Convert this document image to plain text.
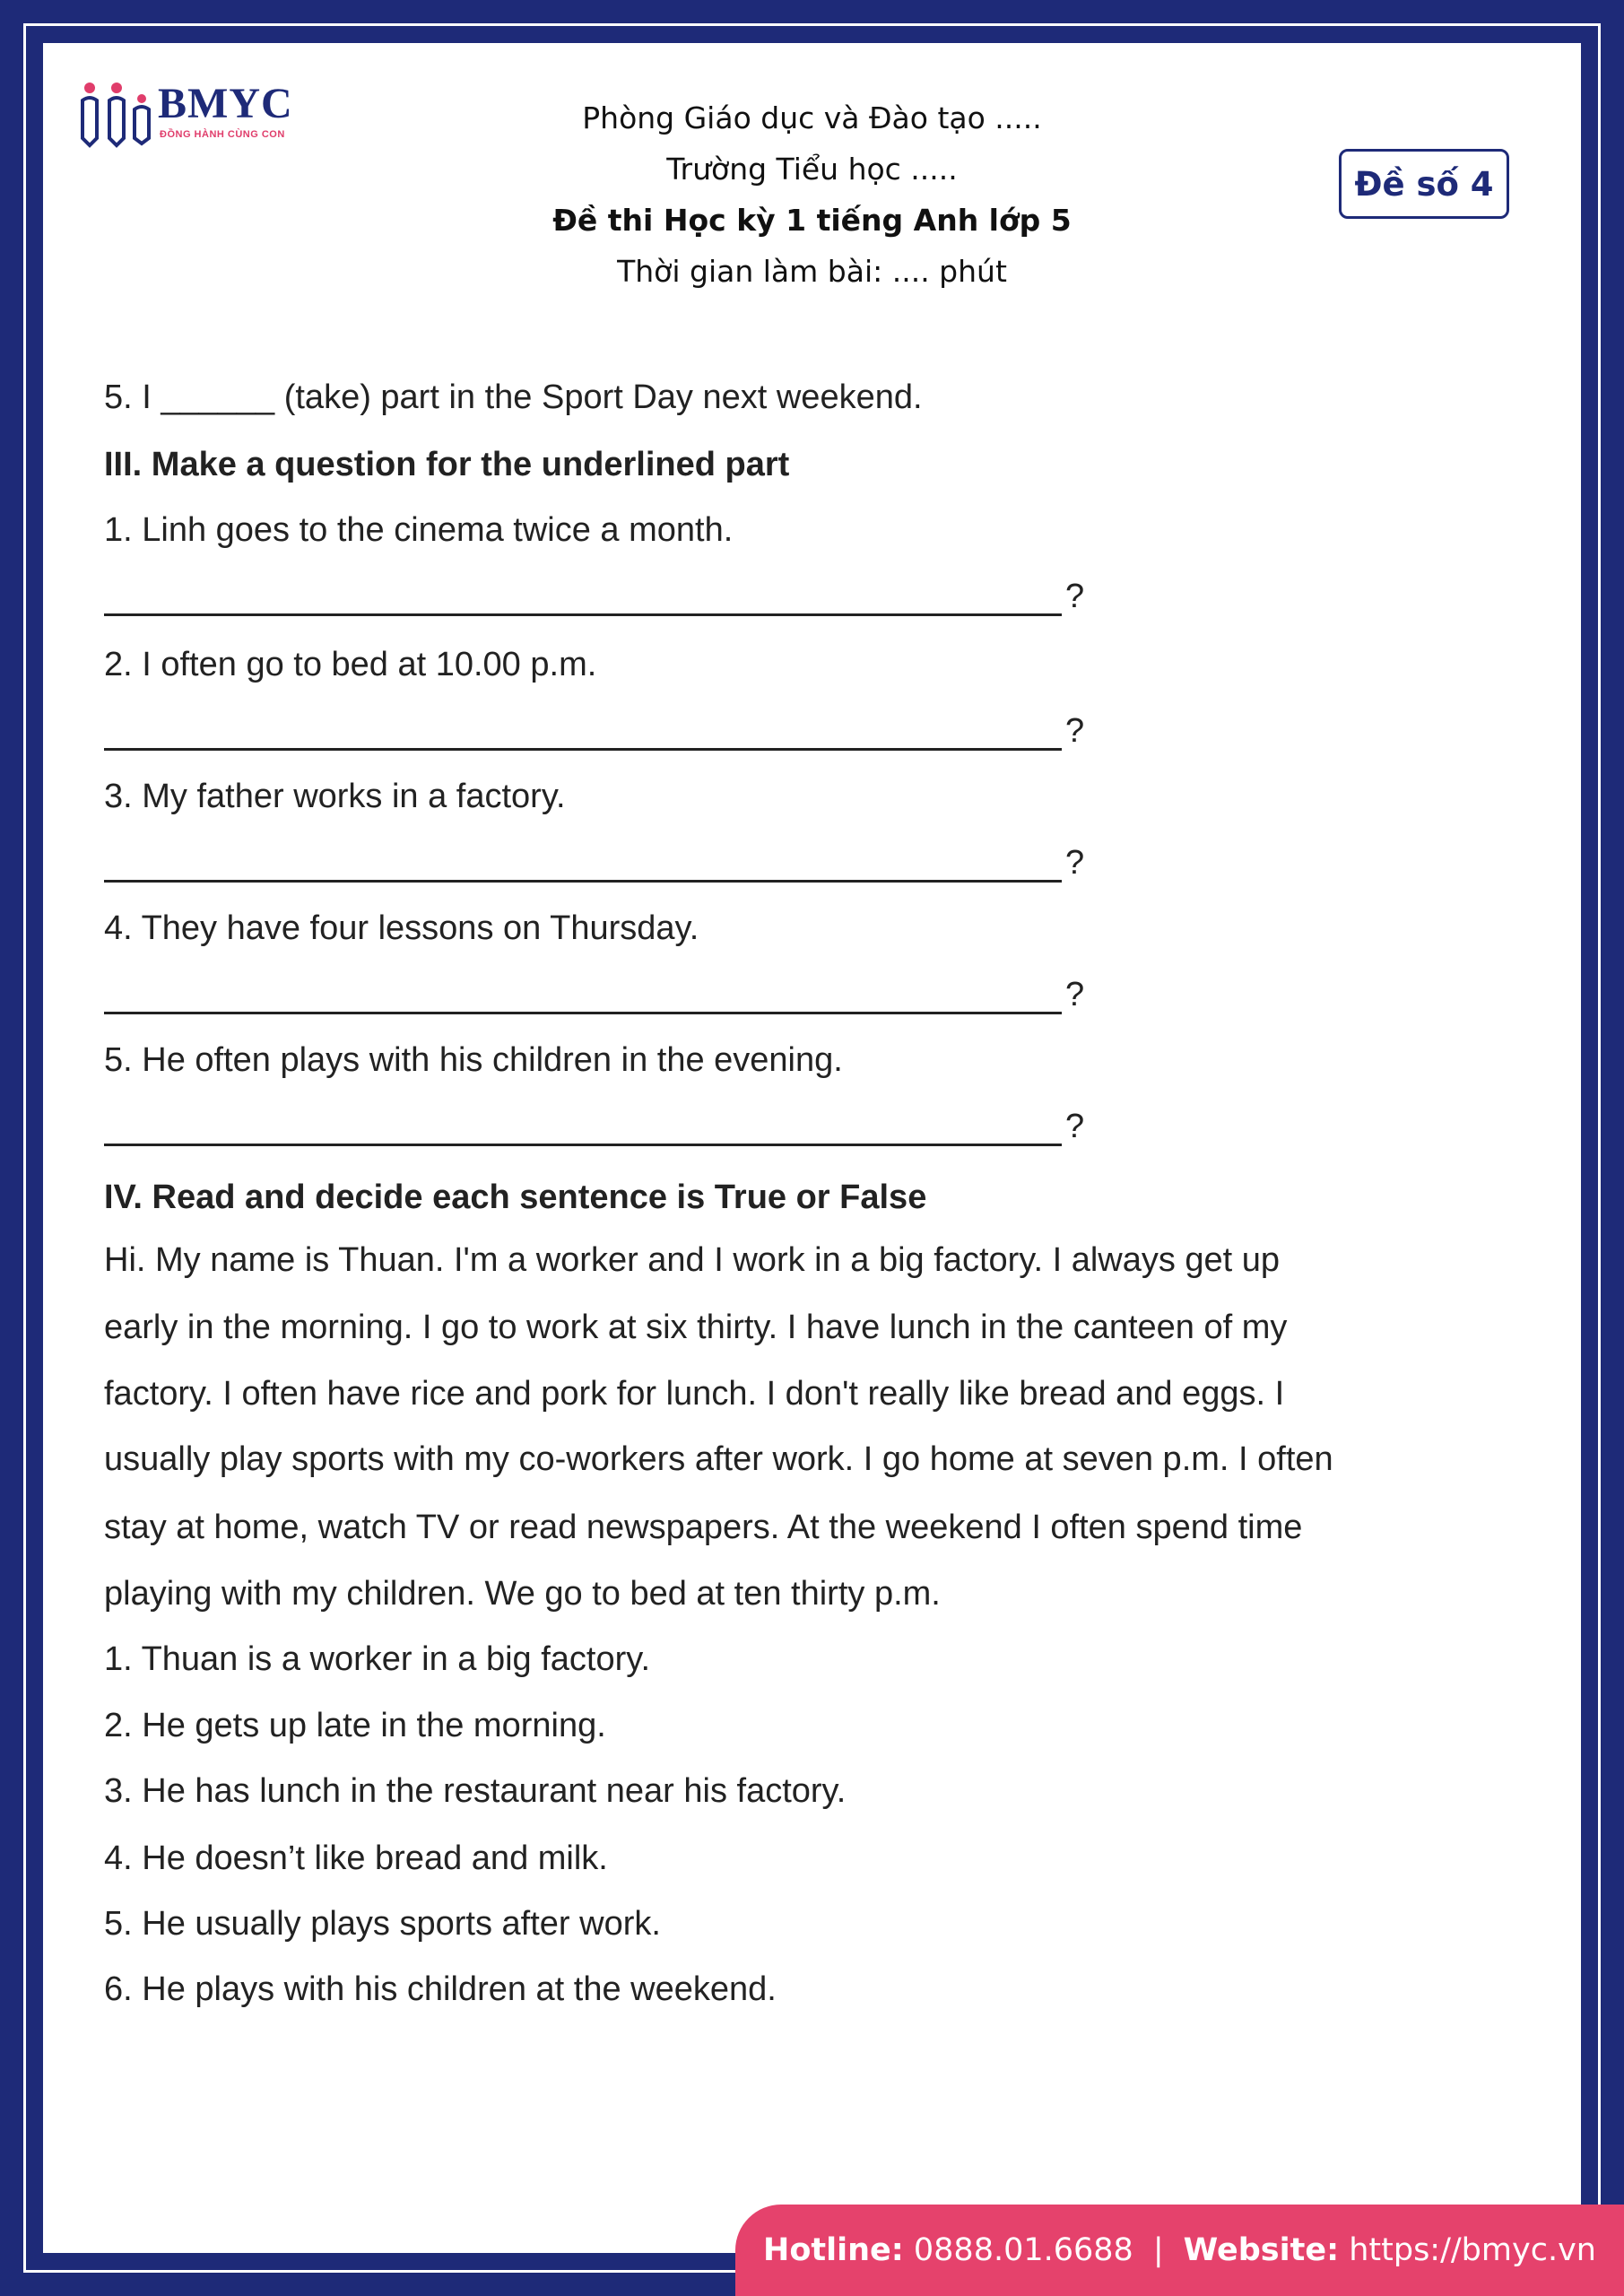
BMYC
ĐỒNG HÀNH CÙNG CON	Phòng Giáo dục và Đào tạo .....
Trường Tiểu học .....
Đề thi Học kỳ 1 tiếng Anh lớp 5
Thời gian làm bài: .... phút
Đề số 4
5. I ______ (take) part in the Sport Day next weekend.
III. Make a question for the underlined part
1. Linh goes to the cinema twice a month.
?
2. I often go to bed at 10.00 p.m.
?
3. My father works in a factory.
?
4. They have four lessons on Thursday.
?
5. He often plays with his children in the evening.
?
IV. Read and decide each sentence is True or False
Hi. My name is Thuan. I'm a worker and I work in a big factory. I always get up
early in the morning. I go to work at six thirty. I have lunch in the canteen of my
factory. I often have rice and pork for lunch. I don't really like bread and eggs. I
usually play sports with my co-workers after work. I go home at seven p.m. I often
stay at home, watch TV or read newspapers. At the weekend I often spend time
playing with my children. We go to bed at ten thirty p.m.
1. Thuan is a worker in a big factory.
2. He gets up late in the morning.
3. He has lunch in the restaurant near his factory.
4. He doesn’t like bread and milk.
5. He usually plays sports after work.
6. He plays with his children at the weekend.
Hotline:
0888.01.6688 | Website:
https://bmyc.vn
